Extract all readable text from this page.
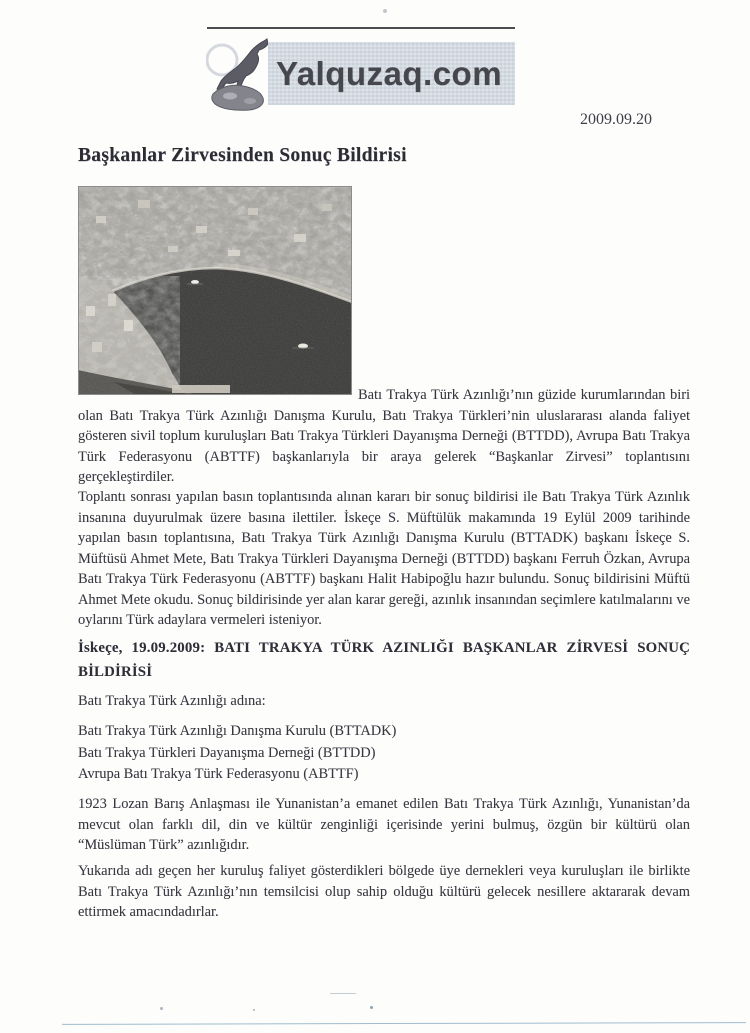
Yalquzaq.com
2009.09.20
Başkanlar Zirvesinden Sonuç Bildirisi

Batı Trakya Türk Azınlığı’nın güzide kurumlarından biri olan Batı Trakya Türk Azınlığı Danışma Kurulu, Batı Trakya Türkleri’nin uluslararası alanda faliyet gösteren sivil toplum kuruluşları Batı Trakya Türkleri Dayanışma Derneği (BTTDD), Avrupa Batı Trakya Türk Federasyonu (ABTTF) başkanlarıyla bir araya gelerek “Başkanlar Zirvesi” toplantısını gerçekleştirdiler.

Toplantı sonrası yapılan basın toplantısında alınan kararı bir sonuç bildirisi ile Batı Trakya Türk Azınlık insanına duyurulmak üzere basına ilettiler. İskeçe S. Müftülük makamında 19 Eylül 2009 tarihinde yapılan basın toplantısına, Batı Trakya Türk Azınlığı Danışma Kurulu (BTTADK) başkanı İskeçe S. Müftüsü Ahmet Mete, Batı Trakya Türkleri Dayanışma Derneği (BTTDD) başkanı Ferruh Özkan, Avrupa Batı Trakya Türk Federasyonu (ABTTF) başkanı Halit Habipoğlu hazır bulundu. Sonuç bildirisini Müftü Ahmet Mete okudu. Sonuç bildirisinde yer alan karar gereği, azınlık insanından seçimlere katılmalarını ve oylarını Türk adaylara vermeleri isteniyor.

İskeçe, 19.09.2009: BATI TRAKYA TÜRK AZINLIĞI BAŞKANLAR ZİRVESİ SONUÇ BİLDİRİSİ

Batı Trakya Türk Azınlığı adına:

Batı Trakya Türk Azınlığı Danışma Kurulu (BTTADK)
Batı Trakya Türkleri Dayanışma Derneği (BTTDD)
Avrupa Batı Trakya Türk Federasyonu (ABTTF)

1923 Lozan Barış Anlaşması ile Yunanistan’a emanet edilen Batı Trakya Türk Azınlığı, Yunanistan’da mevcut olan farklı dil, din ve kültür zenginliği içerisinde yerini bulmuş, özgün bir kültürü olan “Müslüman Türk” azınlığıdır.

Yukarıda adı geçen her kuruluş faliyet gösterdikleri bölgede üye dernekleri veya kuruluşları ile birlikte Batı Trakya Türk Azınlığı’nın temsilcisi olup sahip olduğu kültürü gelecek nesillere aktararak devam ettirmek amacındadırlar.
